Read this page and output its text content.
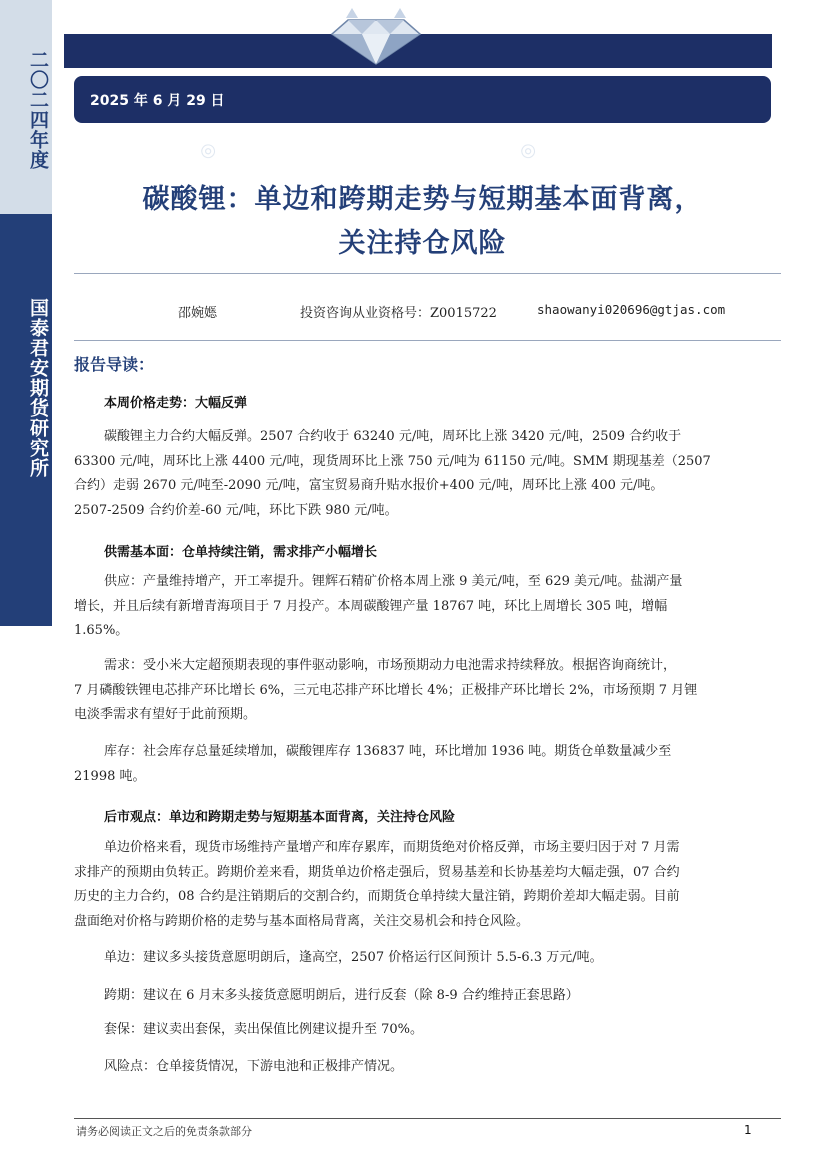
二〇二四年度
国泰君安期货研究所
2025 年 6 月 29 日
◎	◎
碳酸锂：单边和跨期走势与短期基本面背离，
关注持仓风险
邵婉嫕	投资咨询从业资格号：Z0015722	shaowanyi020696@gtjas.com
报告导读：
本周价格走势：大幅反弹
碳酸锂主力合约大幅反弹。2507 合约收于 63240 元/吨，周环比上涨 3420 元/吨，2509 合约收于
63300 元/吨，周环比上涨 4400 元/吨，现货周环比上涨 750 元/吨为 61150 元/吨。SMM 期现基差（2507
合约）走弱 2670 元/吨至-2090 元/吨，富宝贸易商升贴水报价+400 元/吨，周环比上涨 400 元/吨。
2507-2509 合约价差-60 元/吨，环比下跌 980 元/吨。
供需基本面：仓单持续注销，需求排产小幅增长
供应：产量维持增产，开工率提升。锂辉石精矿价格本周上涨 9 美元/吨，至 629 美元/吨。盐湖产量
增长，并且后续有新增青海项目于 7 月投产。本周碳酸锂产量 18767 吨，环比上周增长 305 吨，增幅
1.65%。
需求：受小米大定超预期表现的事件驱动影响，市场预期动力电池需求持续释放。根据咨询商统计，
7 月磷酸铁锂电芯排产环比增长 6%，三元电芯排产环比增长 4%；正极排产环比增长 2%，市场预期 7 月锂
电淡季需求有望好于此前预期。
库存：社会库存总量延续增加，碳酸锂库存 136837 吨，环比增加 1936 吨。期货仓单数量减少至
21998 吨。
后市观点：单边和跨期走势与短期基本面背离，关注持仓风险
单边价格来看，现货市场维持产量增产和库存累库，而期货绝对价格反弹，市场主要归因于对 7 月需
求排产的预期由负转正。跨期价差来看，期货单边价格走强后，贸易基差和长协基差均大幅走强，07 合约
历史的主力合约，08 合约是注销期后的交割合约，而期货仓单持续大量注销，跨期价差却大幅走弱。目前
盘面绝对价格与跨期价格的走势与基本面格局背离，关注交易机会和持仓风险。
单边：建议多头接货意愿明朗后，逢高空，2507 价格运行区间预计 5.5-6.3 万元/吨。
跨期：建议在 6 月末多头接货意愿明朗后，进行反套（除 8-9 合约维持正套思路）
套保：建议卖出套保，卖出保值比例建议提升至 70%。
风险点：仓单接货情况，下游电池和正极排产情况。
请务必阅读正文之后的免责条款部分	1
